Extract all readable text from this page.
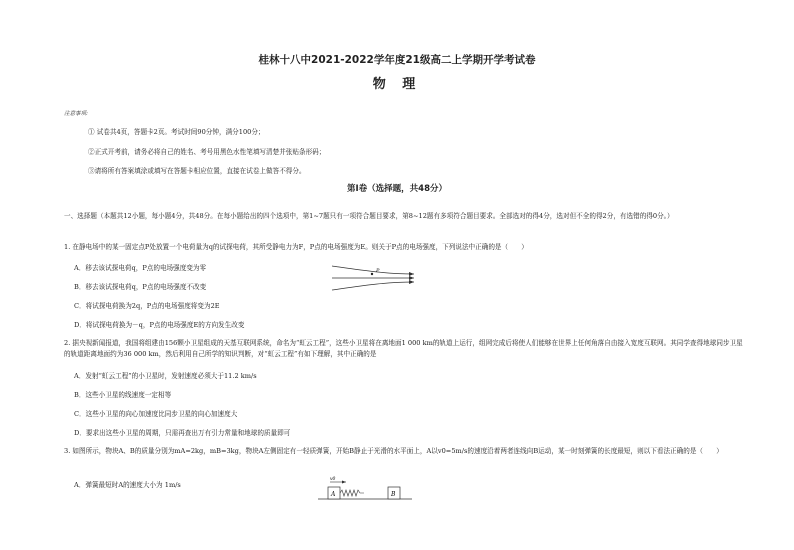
桂林十八中2021-2022学年度21级高二上学期开学考试卷
物 理
注意事项:
① 试卷共4页，答题卡2页。考试时间90分钟，满分100分；
②正式开考前，请务必将自己的姓名、考号用黑色水性笔填写清楚并张贴条形码；
③请将所有答案填涂或填写在答题卡相应位置，直接在试卷上做答不得分。
第Ⅰ卷（选择题，共48分）
一、选择题（本题共12小题，每小题4分，共48分。在每小题给出的四个选项中，第1~7题只有一项符合题目要求，第8~12题有多项符合题目要求。全部选对的得4分，选对但不全的得2分，有选错的得0分。）
1. 在静电场中的某一固定点P处放置一个电荷量为q的试探电荷，其所受静电力为F，P点的电场强度为E。则关于P点的电场强度，下列说法中正确的是（　　）
A．移去该试探电荷q，P点的电场强度变为零
B．移去该试探电荷q，P点的电场强度不改变
C．将试探电荷换为2q，P点的电场强度将变为2E
D．将试探电荷换为－q，P点的电场强度E的方向发生改变
P
2. 据央视新闻报道，我国将组建由156颗小卫星组成的天基互联网系统，命名为“虹云工程”，这些小卫星将在离地面1 000 km的轨道上运行，组网完成后将使人们能够在世界上任何角落自由接入宽度互联网。其同学查得地球同步卫星的轨道距离地面约为36 000 km，然后利用自己所学的知识判断，对“虹云工程”有如下理解，其中正确的是
A．发射“虹云工程”的小卫星时，发射速度必须大于11.2 km/s
B．这些小卫星的线速度一定相等
C．这些小卫星的向心加速度比同步卫星的向心加速度大
D．要求出这些小卫星的周期，只需再查出万有引力常量和地球的质量即可
3. 如图所示，物块A、B的质量分别为mA=2kg，mB=3kg，物块A左侧固定有一轻质弹簧，开始B静止于光滑的水平面上，A以v0=5m/s的速度沿着两者连线向B运动，某一时刻弹簧的长度最短，则以下看法正确的是（　　）
A．弹簧最短时A的速度大小为 1m/s
A	B
v0
